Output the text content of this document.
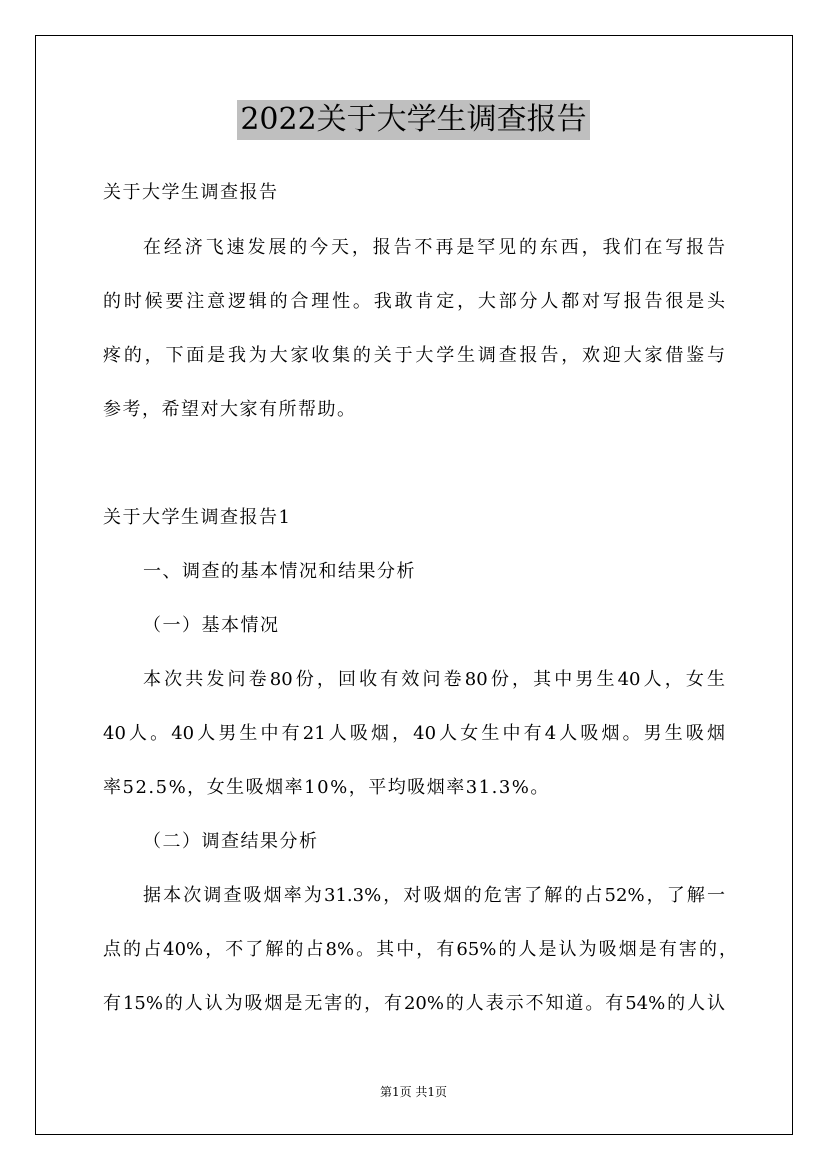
2022关于大学生调查报告
关于大学生调查报告
在经济飞速发展的今天，报告不再是罕见的东西，我们在写报告
的时候要注意逻辑的合理性。我敢肯定，大部分人都对写报告很是头
疼的，下面是我为大家收集的关于大学生调查报告，欢迎大家借鉴与
参考，希望对大家有所帮助。
关于大学生调查报告1
一、调查的基本情况和结果分析
（一）基本情况
本次共发问卷80份，回收有效问卷80份，其中男生40人，女生
40人。40人男生中有21人吸烟，40人女生中有4人吸烟。男生吸烟
率52.5%，女生吸烟率10%，平均吸烟率31.3%。
（二）调查结果分析
据本次调查吸烟率为31.3%，对吸烟的危害了解的占52%，了解一
点的占40%，不了解的占8%。其中，有65%的人是认为吸烟是有害的，
有15%的人认为吸烟是无害的，有20%的人表示不知道。有54%的人认
第1页 共1页
